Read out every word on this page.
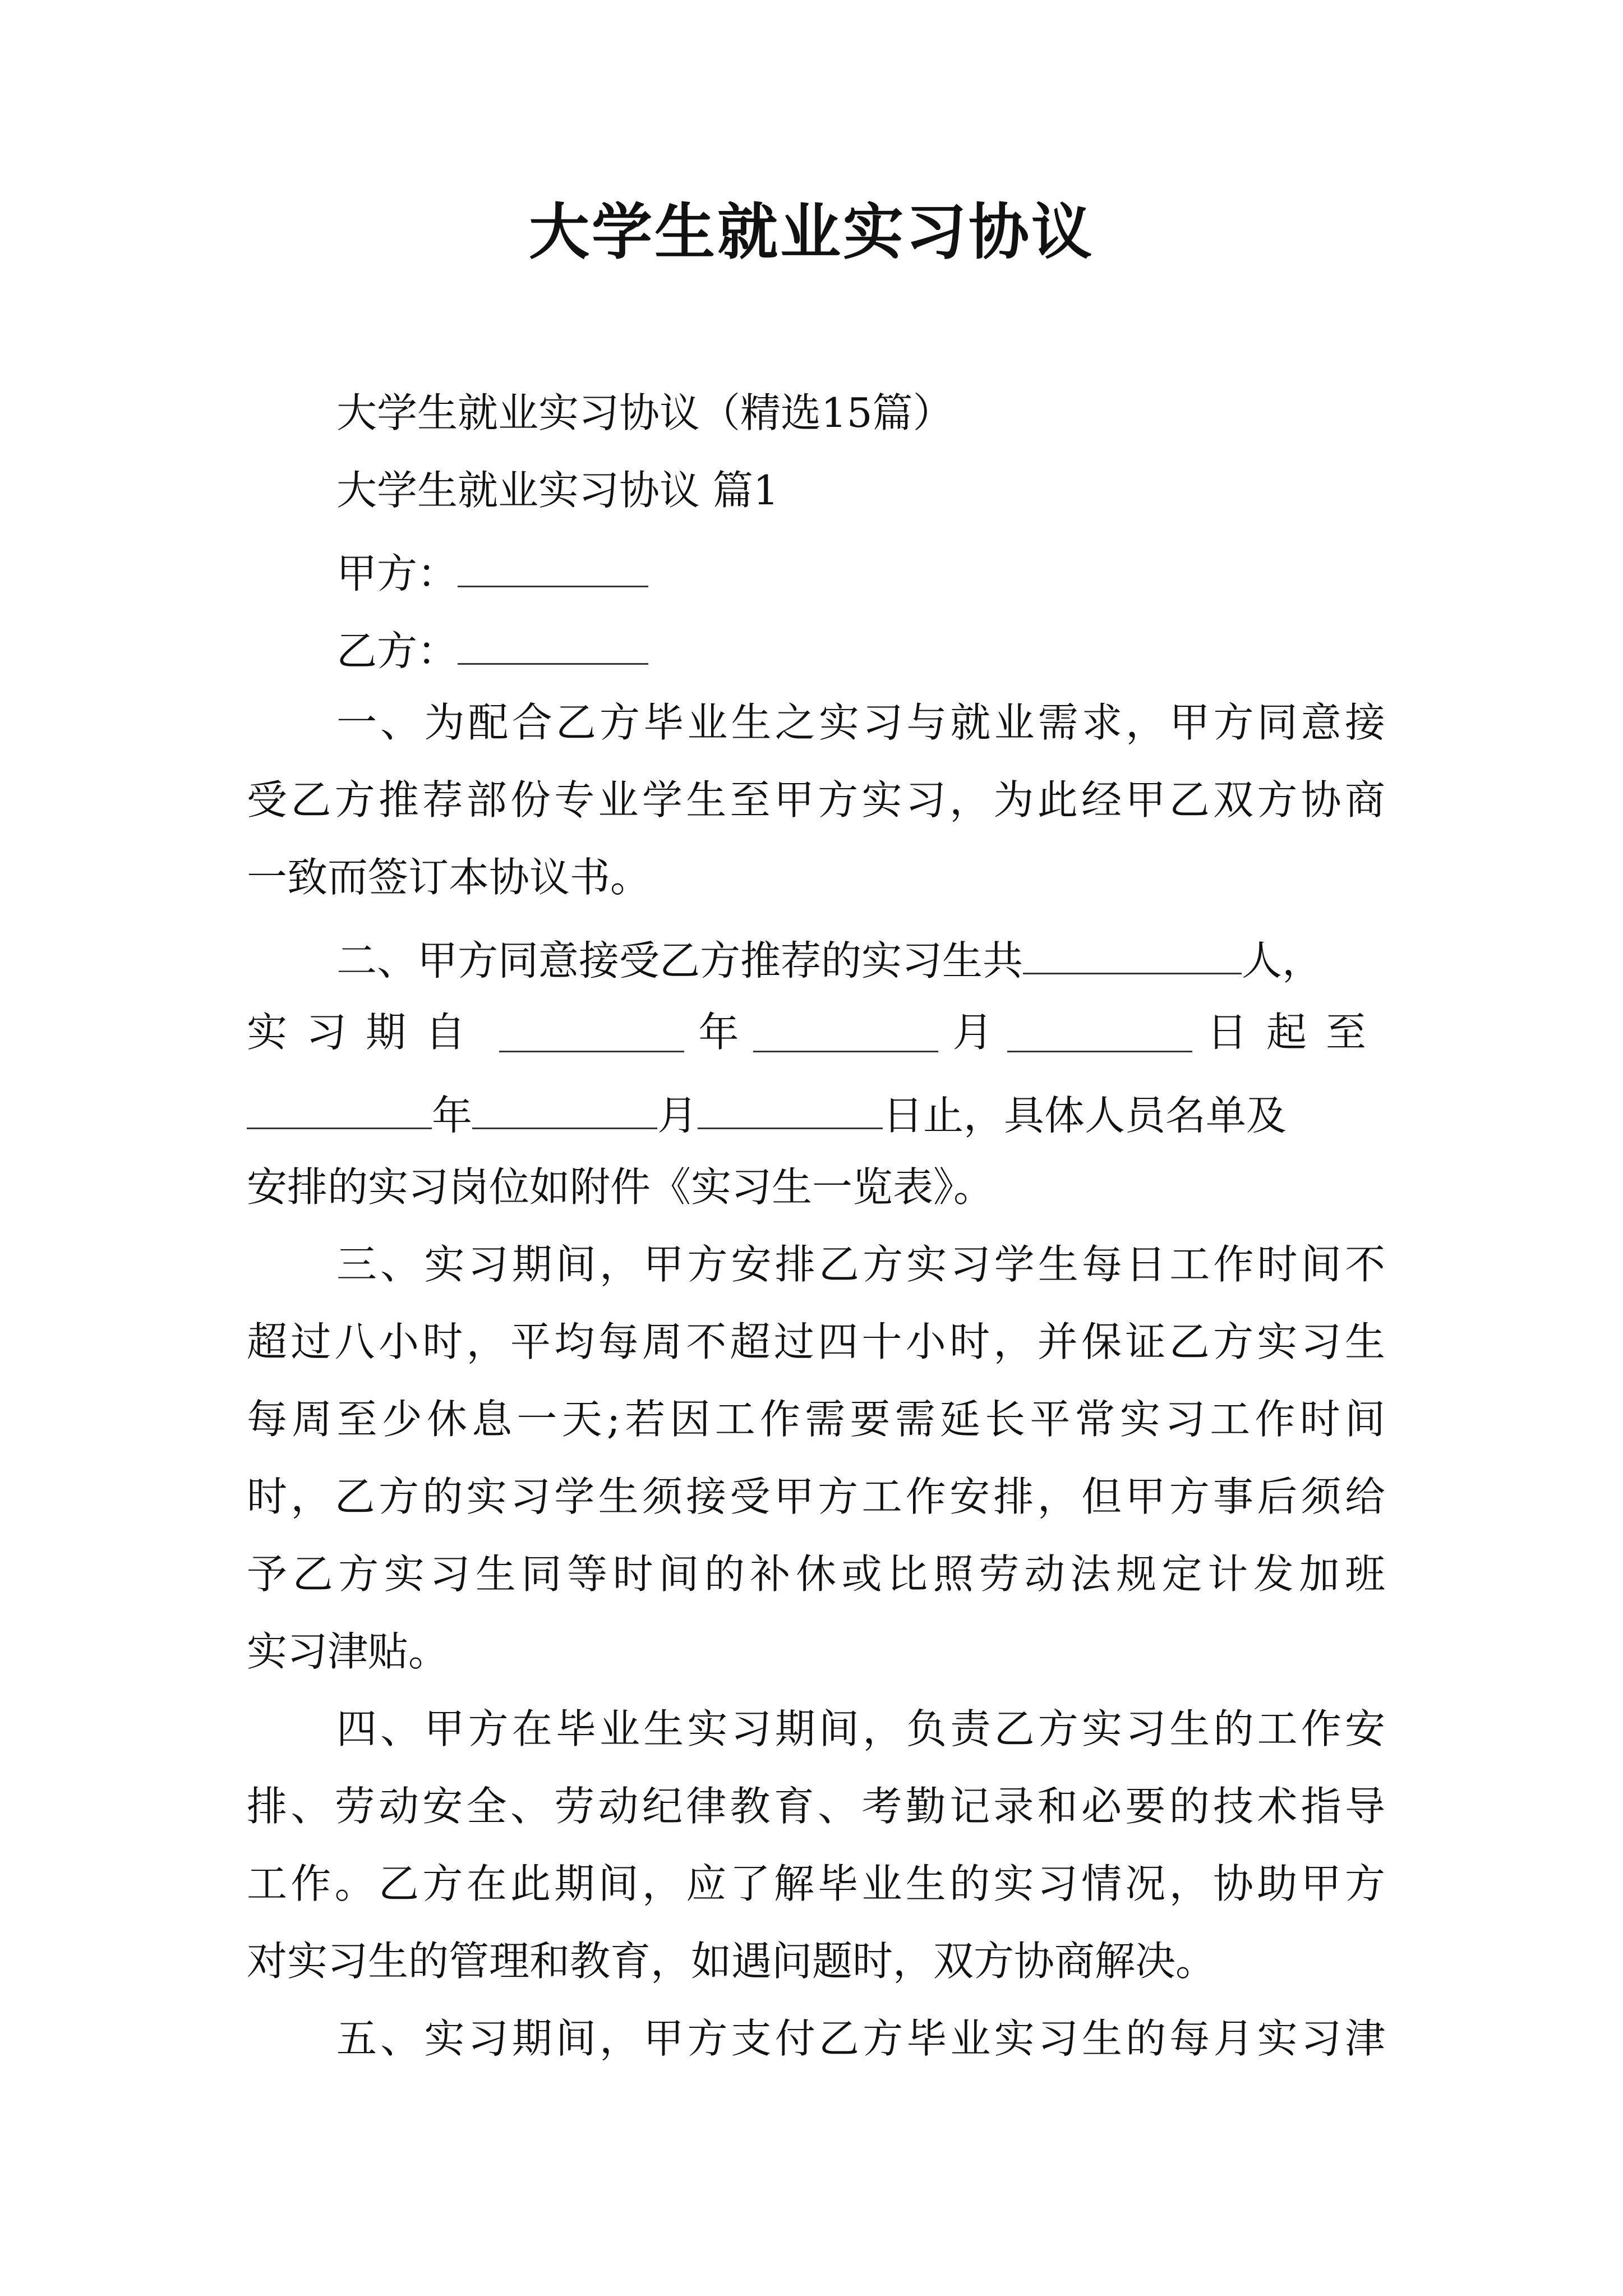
大学生就业实习协议
大学生就业实习协议（精选15篇）
大学生就业实习协议 篇1
甲方：
乙方：
一、为配合乙方毕业生之实习与就业需求，甲方同意接
受乙方推荐部份专业学生至甲方实习，为此经甲乙双方协商
一致而签订本协议书。
二、甲方同意接受乙方推荐的实习生共	人，
实习期自	年	月	日起至
年	月	日止，具体人员名单及
安排的实习岗位如附件《实习生一览表》。
三、实习期间，甲方安排乙方实习学生每日工作时间不
超过八小时，平均每周不超过四十小时，并保证乙方实习生
每周至少休息一天;若因工作需要需延长平常实习工作时间
时，乙方的实习学生须接受甲方工作安排，但甲方事后须给
予乙方实习生同等时间的补休或比照劳动法规定计发加班
实习津贴。
四、甲方在毕业生实习期间，负责乙方实习生的工作安
排、劳动安全、劳动纪律教育、考勤记录和必要的技术指导
工作。乙方在此期间，应了解毕业生的实习情况，协助甲方
对实习生的管理和教育，如遇问题时，双方协商解决。
五、实习期间，甲方支付乙方毕业实习生的每月实习津
